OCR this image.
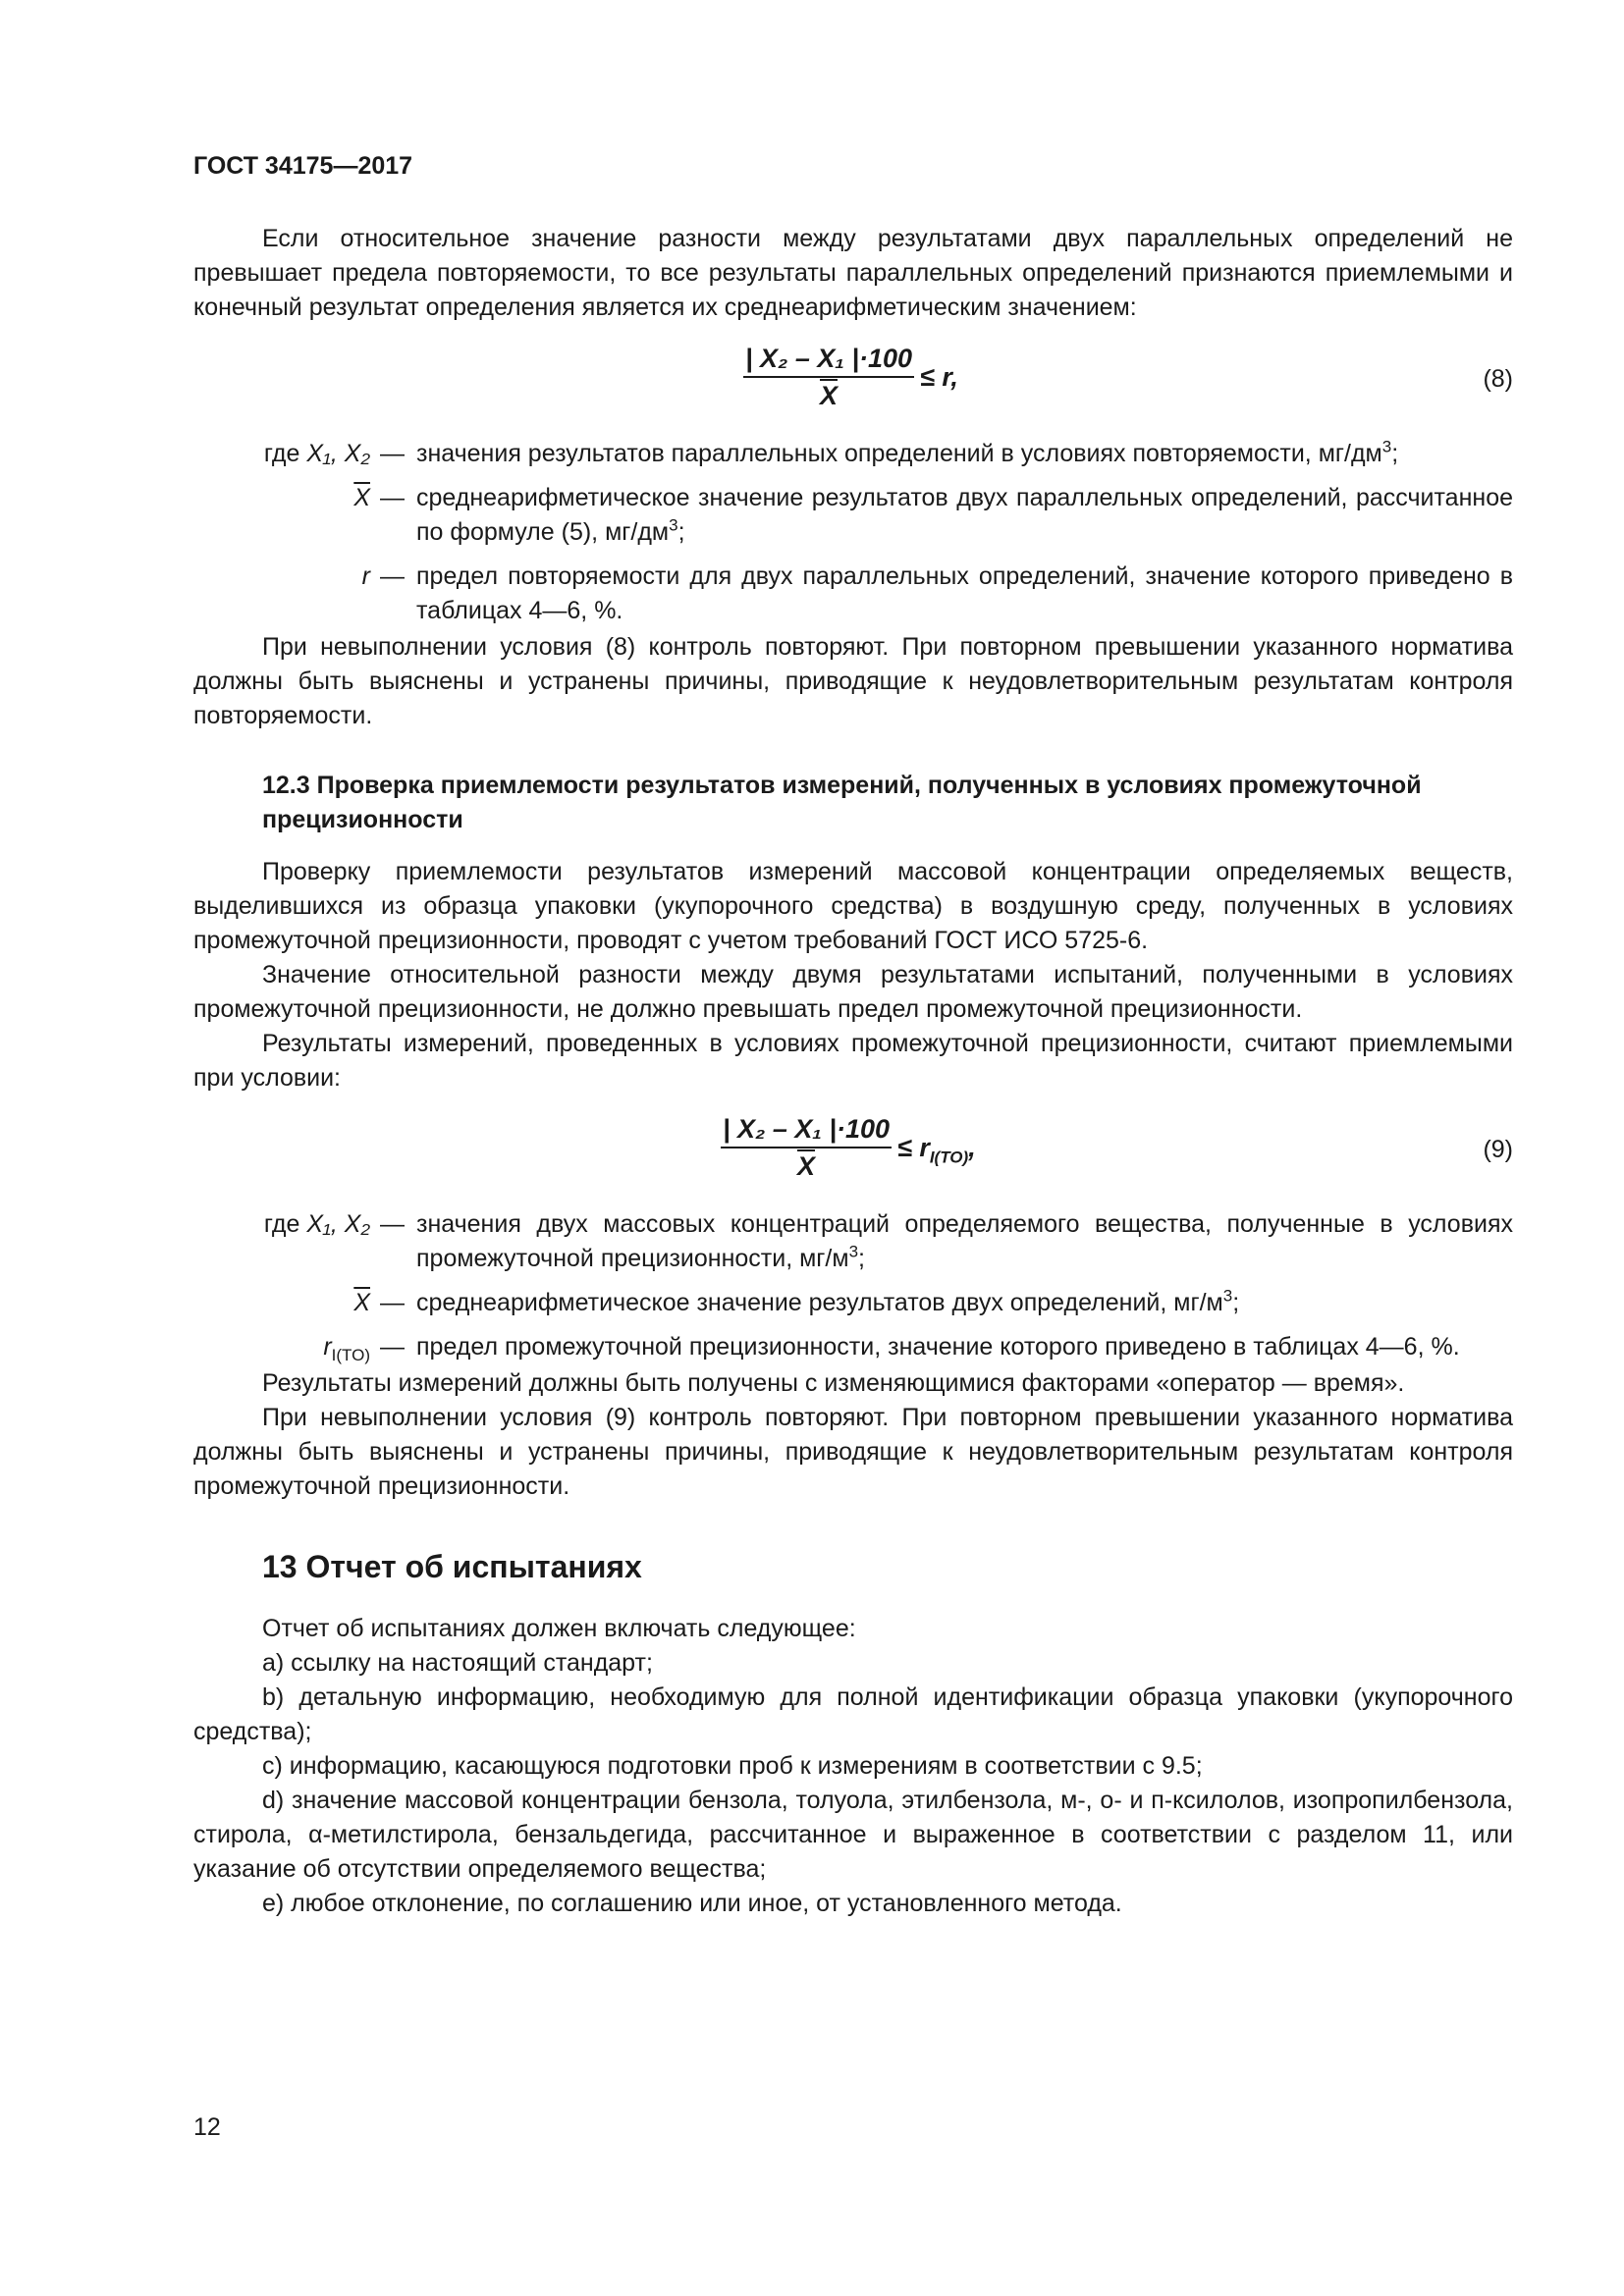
ГОСТ 34175—2017

Если относительное значение разности между результатами двух параллельных определений не превышает предела повторяемости, то все результаты параллельных определений признаются приемлемыми и конечный результат определения является их среднеарифметическим значением:

$\frac{\text{| X₂ – X₁ |·100}}{X} \le r$,	(8)
где X₁, X₂	—	значения результатов параллельных определений в условиях повторяемости, $мг/дм^3$;
$\overline{X}$	—	среднеарифметическое значение результатов двух параллельных определений, рассчитанное по формуле (5), $мг/дм^3$;
r	—	предел повторяемости для двух параллельных определений, значение которого приведено в таблицах 4—6, %.

При невыполнении условия (8) контроль повторяют. При повторном превышении указанного норматива должны быть выяснены и устранены причины, приводящие к неудовлетворительным результатам контроля повторяемости.

12.3 Проверка приемлемости результатов измерений, полученных в условиях промежуточной прецизионности

Проверку приемлемости результатов измерений массовой концентрации определяемых веществ, выделившихся из образца упаковки (укупорочного средства) в воздушную среду, полученных в условиях промежуточной прецизионности, проводят с учетом требований ГОСТ ИСО 5725-6.

Значение относительной разности между двумя результатами испытаний, полученными в условиях промежуточной прецизионности, не должно превышать предел промежуточной прецизионности.

Результаты измерений, проведенных в условиях промежуточной прецизионности, считают приемлемыми при условии:

$\frac{\text{| X₂ – X₁ |·100}}{X} \le r_{I(TO)}$,	(9)
где X₁, X₂	—	значения двух массовых концентраций определяемого вещества, полученные в условиях промежуточной прецизионности, $мг/м^3$;
$\overline{X}$	—	среднеарифметическое значение результатов двух определений, $мг/м^3$;
$r_{I(TO)}$	—	предел промежуточной прецизионности, значение которого приведено в таблицах 4—6, %.

Результаты измерений должны быть получены с изменяющимися факторами «оператор — время».

При невыполнении условия (9) контроль повторяют. При повторном превышении указанного норматива должны быть выяснены и устранены причины, приводящие к неудовлетворительным результатам контроля промежуточной прецизионности.

13 Отчет об испытаниях

Отчет об испытаниях должен включать следующее:

а) ссылку на настоящий стандарт;

b) детальную информацию, необходимую для полной идентификации образца упаковки (укупорочного средства);

с) информацию, касающуюся подготовки проб к измерениям в соответствии с 9.5;

d) значение массовой концентрации бензола, толуола, этилбензола, м-, о- и п-ксилолов, изопропилбензола, стирола, α-метилстирола, бензальдегида, рассчитанное и выраженное в соответствии с разделом 11, или указание об отсутствии определяемого вещества;

е) любое отклонение, по соглашению или иное, от установленного метода.

12
